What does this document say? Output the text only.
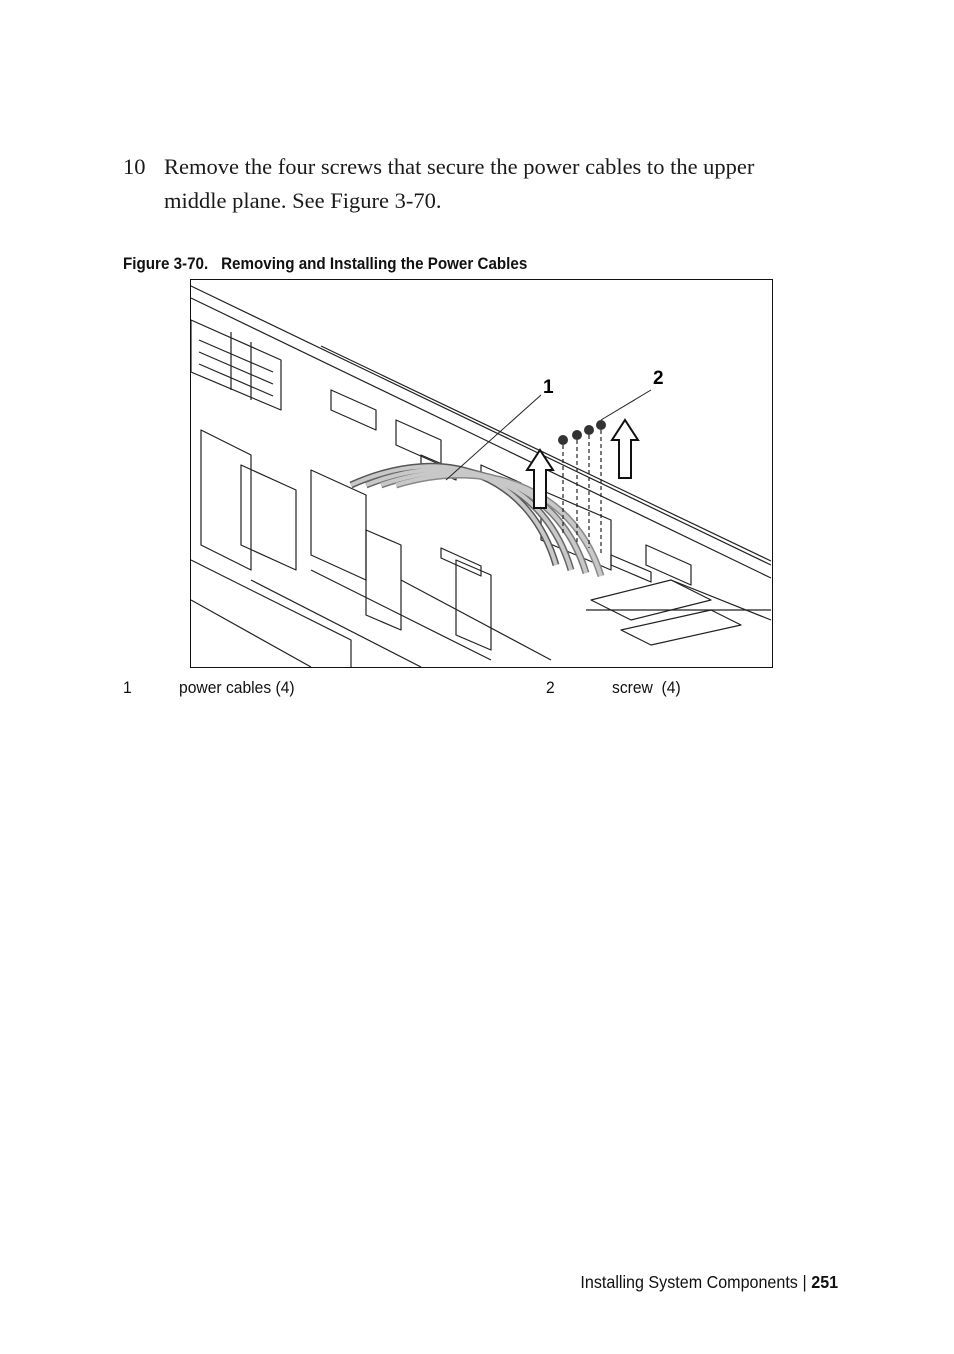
10 Remove the four screws that secure the power cables to the upper middle plane. See Figure 3-70.
Figure 3-70. Removing and Installing the Power Cables
1	2
1	power cables (4)	2	screw  (4)
Installing System Components | 251
